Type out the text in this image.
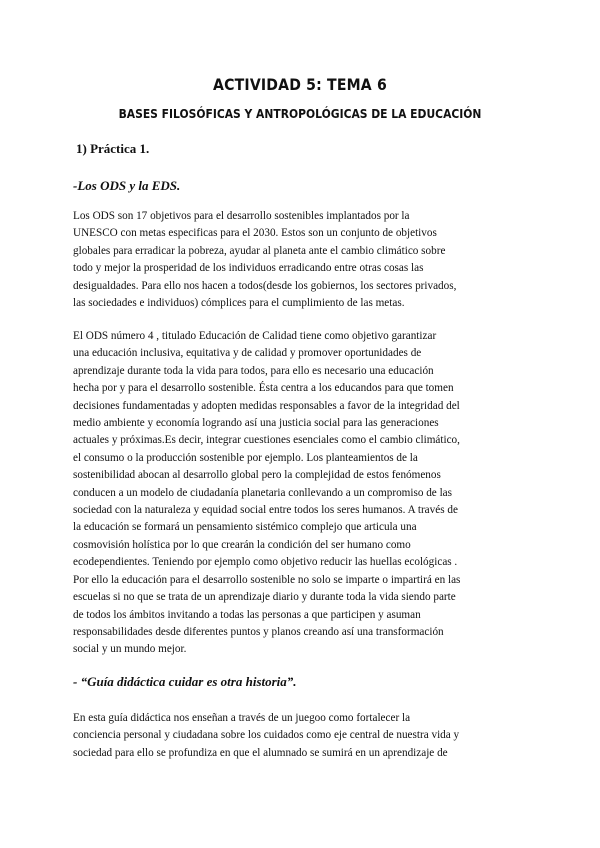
ACTIVIDAD 5: TEMA 6
BASES FILOSÓFICAS Y ANTROPOLÓGICAS DE LA EDUCACIÓN
1) Práctica 1.
-Los ODS y la EDS.
Los ODS son 17 objetivos para el desarrollo sostenibles implantados por la
UNESCO con metas especificas para el 2030. Estos son un conjunto de objetivos
globales para erradicar la pobreza, ayudar al planeta ante el cambio climático sobre
todo y mejor la prosperidad de los individuos erradicando entre otras cosas las
desigualdades. Para ello nos hacen a todos(desde los gobiernos, los sectores privados,
las sociedades e individuos) cómplices para el cumplimiento de las metas.
El ODS número 4 , titulado Educación de Calidad tiene como objetivo garantizar
una educación inclusiva, equitativa y de calidad y promover oportunidades de
aprendizaje durante toda la vida para todos, para ello es necesario una educación
hecha por y para el desarrollo sostenible. Ésta centra a los educandos para que tomen
decisiones fundamentadas y adopten medidas responsables a favor de la integridad del
medio ambiente y economía logrando así una justicia social para las generaciones
actuales y próximas.Es decir, integrar cuestiones esenciales como el cambio climático,
el consumo o la producción sostenible por ejemplo. Los planteamientos de la
sostenibilidad abocan al desarrollo global pero la complejidad de estos fenómenos
conducen a un modelo de ciudadanía planetaria conllevando a un compromiso de las
sociedad con la naturaleza y equidad social entre todos los seres humanos. A través de
la educación se formará un pensamiento sistémico complejo que articula una
cosmovisión holística por lo que crearán la condición del ser humano como
ecodependientes. Teniendo por ejemplo como objetivo reducir las huellas ecológicas .
Por ello la educación para el desarrollo sostenible no solo se imparte o impartirá en las
escuelas si no que se trata de un aprendizaje diario y durante toda la vida siendo parte
de todos los ámbitos invitando a todas las personas a que participen y asuman
responsabilidades desde diferentes puntos y planos creando así una transformación
social y un mundo mejor.
- “Guía didáctica cuidar es otra historia”.
En esta guía didáctica nos enseñan a través de un juegoo como fortalecer la
conciencia personal y ciudadana sobre los cuidados como eje central de nuestra vida y
sociedad para ello se profundiza en que el alumnado se sumirá en un aprendizaje de
